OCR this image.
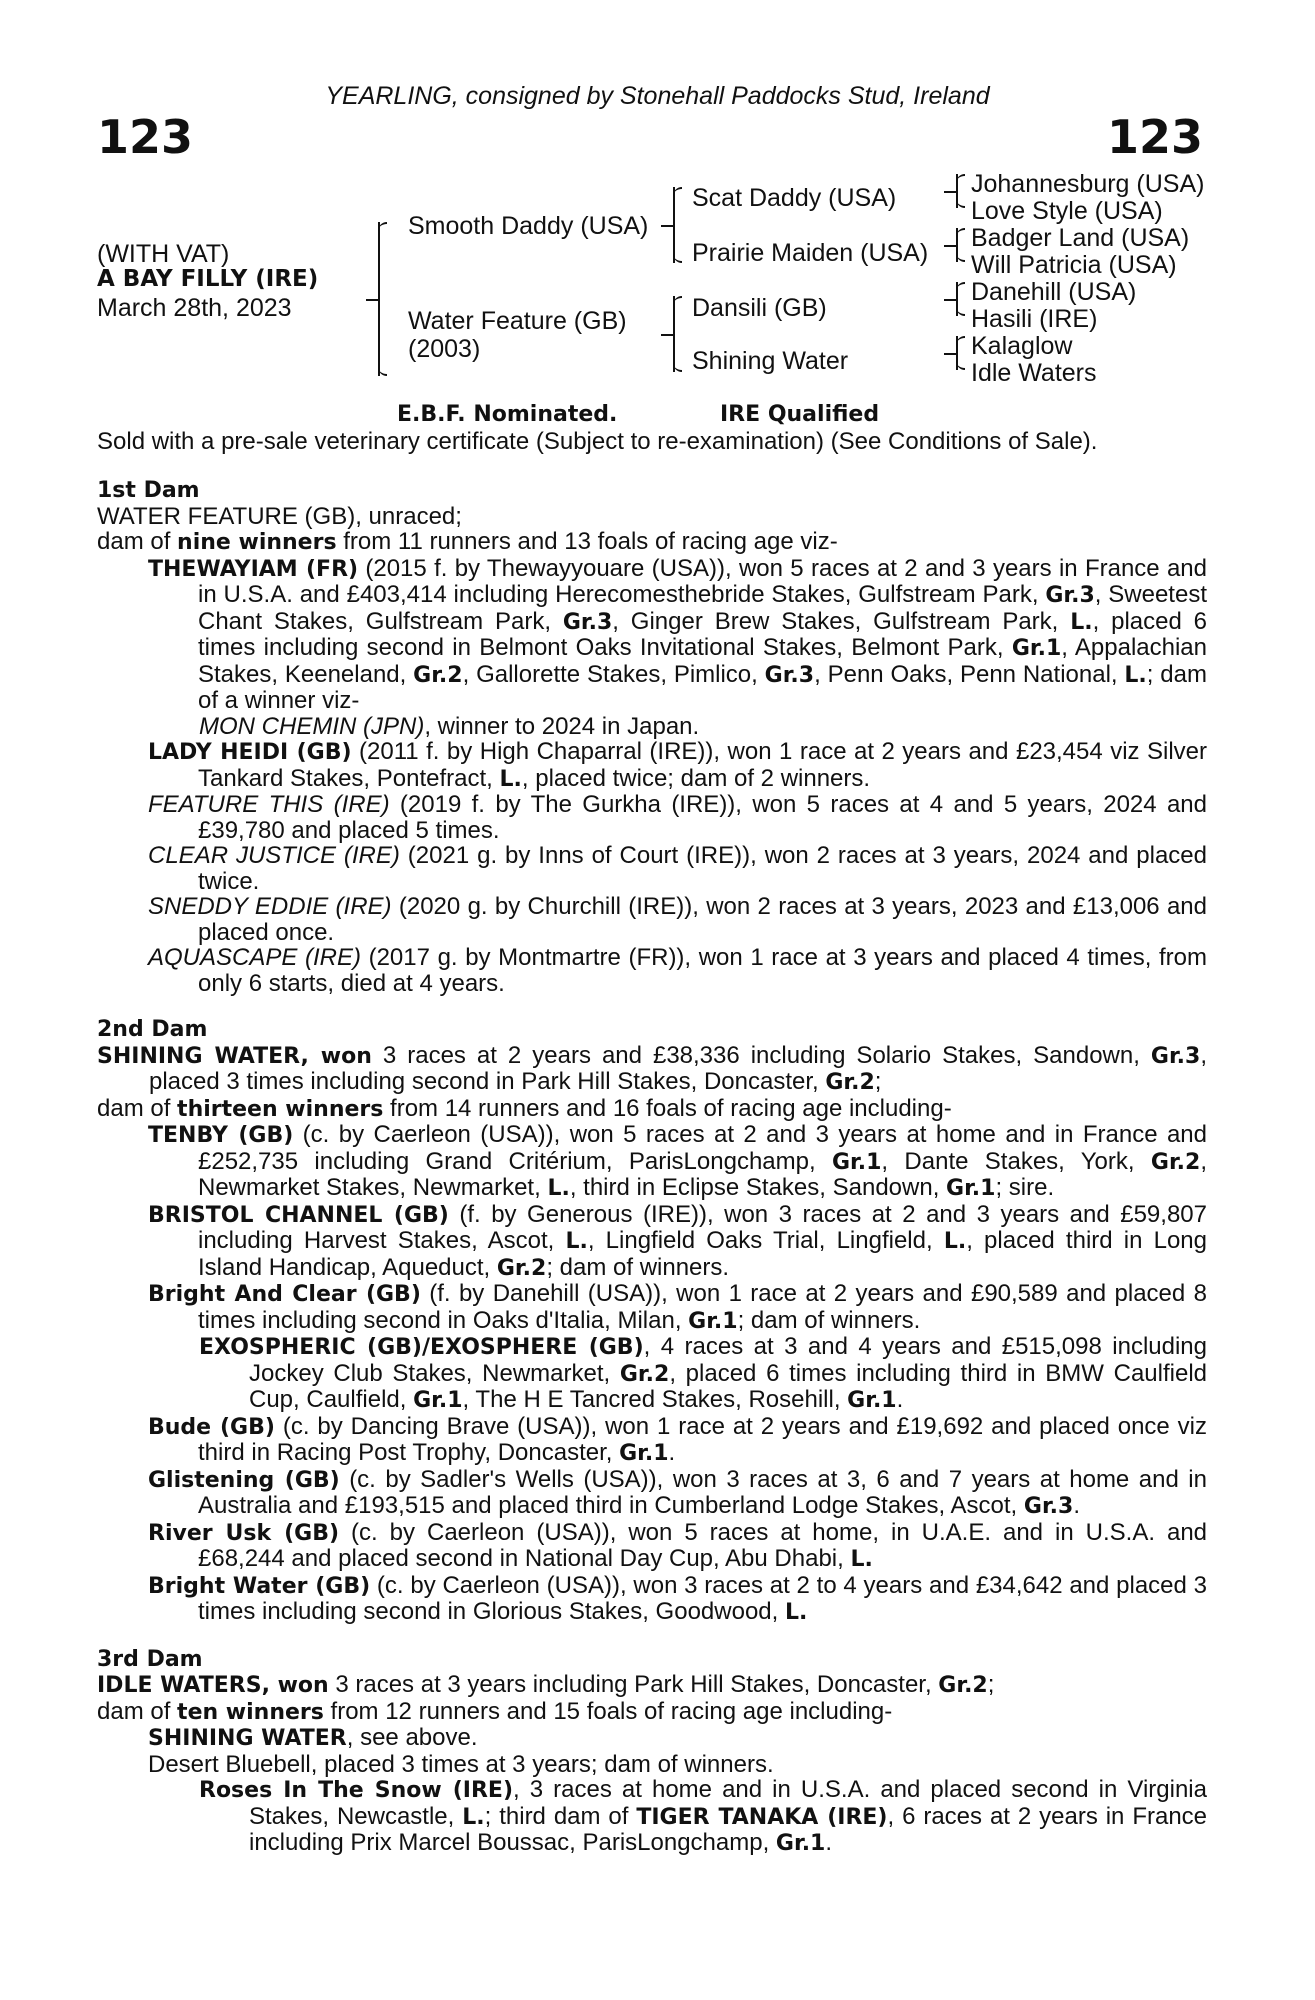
YEARLING, consigned by Stonehall Paddocks Stud, Ireland
123	123
(WITH VAT)
A BAY FILLY (IRE)
March 28th, 2023
Smooth Daddy (USA)
Water Feature (GB)
(2003)
Scat Daddy (USA)
Prairie Maiden (USA)
Dansili (GB)
Shining Water
Johannesburg (USA)
Love Style (USA)
Badger Land (USA)
Will Patricia (USA)
Danehill (USA)
Hasili (IRE)
Kalaglow
Idle Waters
E.B.F. Nominated.	IRE Qualified
Sold with a pre-sale veterinary certificate (Subject to re-examination) (See Conditions of Sale).

1st Dam

WATER FEATURE (GB), unraced;

dam of nine winners from 11 runners and 13 foals of racing age viz-

THEWAYIAM (FR) (2015 f. by Thewayyouare (USA)), won 5 races at 2 and 3 years in France and in U.S.A. and £403,414 including Herecomesthebride Stakes, Gulfstream Park, Gr.3, Sweetest Chant Stakes, Gulfstream Park, Gr.3, Ginger Brew Stakes, Gulfstream Park, L., placed 6 times including second in Belmont Oaks Invitational Stakes, Belmont Park, Gr.1, Appalachian Stakes, Keeneland, Gr.2, Gallorette Stakes, Pimlico, Gr.3, Penn Oaks, Penn National, L.; dam of a winner viz-

MON CHEMIN (JPN), winner to 2024 in Japan.

LADY HEIDI (GB) (2011 f. by High Chaparral (IRE)), won 1 race at 2 years and £23,454 viz Silver Tankard Stakes, Pontefract, L., placed twice; dam of 2 winners.

FEATURE THIS (IRE) (2019 f. by The Gurkha (IRE)), won 5 races at 4 and 5 years, 2024 and £39,780 and placed 5 times.

CLEAR JUSTICE (IRE) (2021 g. by Inns of Court (IRE)), won 2 races at 3 years, 2024 and placed twice.

SNEDDY EDDIE (IRE) (2020 g. by Churchill (IRE)), won 2 races at 3 years, 2023 and £13,006 and placed once.

AQUASCAPE (IRE) (2017 g. by Montmartre (FR)), won 1 race at 3 years and placed 4 times, from only 6 starts, died at 4 years.

2nd Dam

SHINING WATER, won 3 races at 2 years and £38,336 including Solario Stakes, Sandown, Gr.3, placed 3 times including second in Park Hill Stakes, Doncaster, Gr.2;

dam of thirteen winners from 14 runners and 16 foals of racing age including-

TENBY (GB) (c. by Caerleon (USA)), won 5 races at 2 and 3 years at home and in France and £252,735 including Grand Critérium, ParisLongchamp, Gr.1, Dante Stakes, York, Gr.2, Newmarket Stakes, Newmarket, L., third in Eclipse Stakes, Sandown, Gr.1; sire.

BRISTOL CHANNEL (GB) (f. by Generous (IRE)), won 3 races at 2 and 3 years and £59,807 including Harvest Stakes, Ascot, L., Lingfield Oaks Trial, Lingfield, L., placed third in Long Island Handicap, Aqueduct, Gr.2; dam of winners.

Bright And Clear (GB) (f. by Danehill (USA)), won 1 race at 2 years and £90,589 and placed 8 times including second in Oaks d'Italia, Milan, Gr.1; dam of winners.

EXOSPHERIC (GB)/EXOSPHERE (GB), 4 races at 3 and 4 years and £515,098 including Jockey Club Stakes, Newmarket, Gr.2, placed 6 times including third in BMW Caulfield Cup, Caulfield, Gr.1, The H E Tancred Stakes, Rosehill, Gr.1.

Bude (GB) (c. by Dancing Brave (USA)), won 1 race at 2 years and £19,692 and placed once viz third in Racing Post Trophy, Doncaster, Gr.1.

Glistening (GB) (c. by Sadler's Wells (USA)), won 3 races at 3, 6 and 7 years at home and in Australia and £193,515 and placed third in Cumberland Lodge Stakes, Ascot, Gr.3.

River Usk (GB) (c. by Caerleon (USA)), won 5 races at home, in U.A.E. and in U.S.A. and £68,244 and placed second in National Day Cup, Abu Dhabi, L.

Bright Water (GB) (c. by Caerleon (USA)), won 3 races at 2 to 4 years and £34,642 and placed 3 times including second in Glorious Stakes, Goodwood, L.

3rd Dam

IDLE WATERS, won 3 races at 3 years including Park Hill Stakes, Doncaster, Gr.2;

dam of ten winners from 12 runners and 15 foals of racing age including-

SHINING WATER, see above.

Desert Bluebell, placed 3 times at 3 years; dam of winners.

Roses In The Snow (IRE), 3 races at home and in U.S.A. and placed second in Virginia Stakes, Newcastle, L.; third dam of TIGER TANAKA (IRE), 6 races at 2 years in France including Prix Marcel Boussac, ParisLongchamp, Gr.1.
